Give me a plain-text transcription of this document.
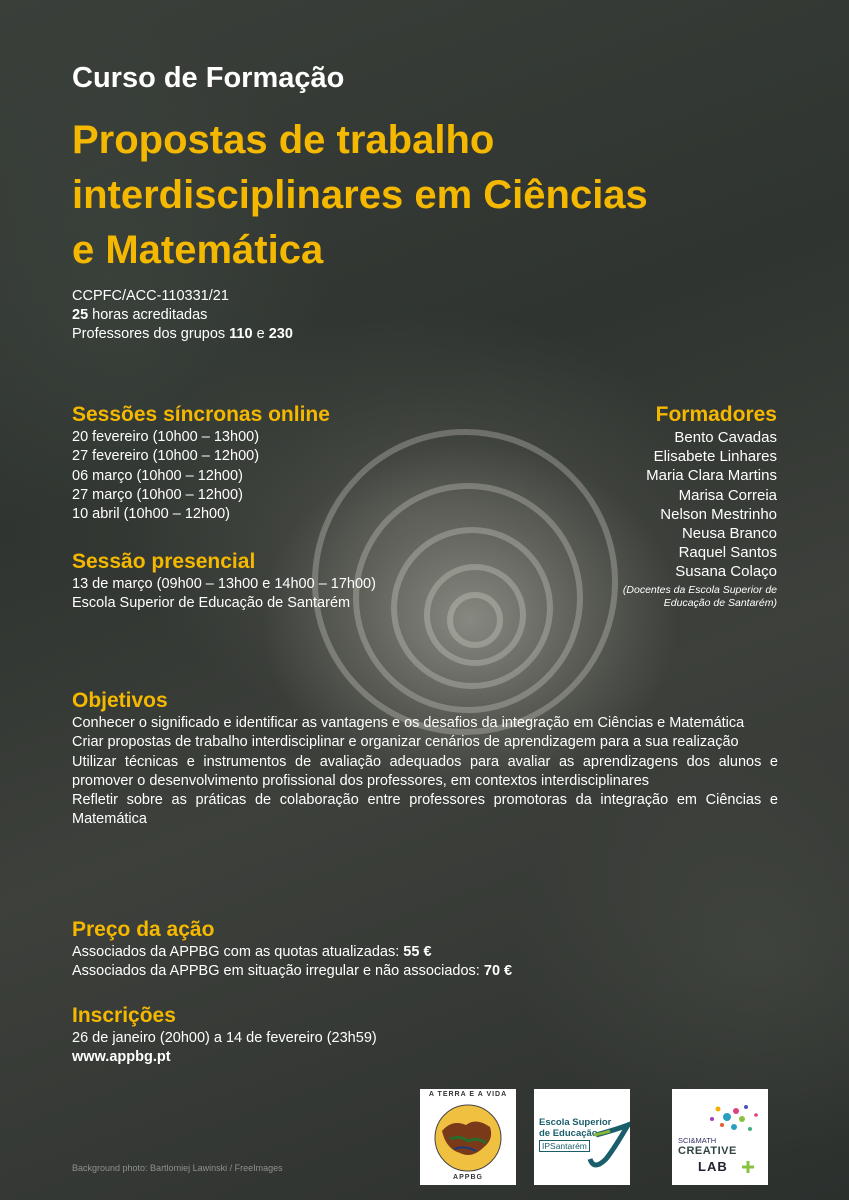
Curso de Formação
Propostas de trabalho
interdisciplinares em Ciências
e Matemática
CCPFC/ACC-110331/21
25 horas acreditadas
Professores dos grupos 110 e 230
Sessões síncronas online
20 fevereiro (10h00 – 13h00)
27 fevereiro (10h00 – 12h00)
06 março (10h00 – 12h00)
27 março (10h00 – 12h00)
10 abril (10h00 – 12h00)
Sessão presencial
13 de março (09h00 – 13h00 e 14h00 – 17h00)
Escola Superior de Educação de Santarém
Formadores
Bento Cavadas
Elisabete Linhares
Maria Clara Martins
Marisa Correia
Nelson Mestrinho
Neusa Branco
Raquel Santos
Susana Colaço
(Docentes da Escola Superior de
Educação de Santarém)
Objetivos

Conhecer o significado e identificar as vantagens e os desafios da integração em Ciências e Matemática

Criar propostas de trabalho interdisciplinar e organizar cenários de aprendizagem para a sua realização

Utilizar técnicas e instrumentos de avaliação adequados para avaliar as aprendizagens dos alunos e promover o desenvolvimento profissional dos professores, em contextos interdisciplinares

Refletir sobre as práticas de colaboração entre professores promotoras da integração em Ciências e Matemática

Preço da ação
Associados da APPBG com as quotas atualizadas: 55 €
Associados da APPBG em situação irregular e não associados: 70 €
Inscrições
26 de janeiro (20h00) a 14 de fevereiro (23h59)
www.appbg.pt
Background photo: Bartlomiej Lawinski / FreeImages
A TERRA E A VIDA
APPBG
Escola Superior
de Educação
IPSantarém
SCI&MATH
CREATIVE
LAB
